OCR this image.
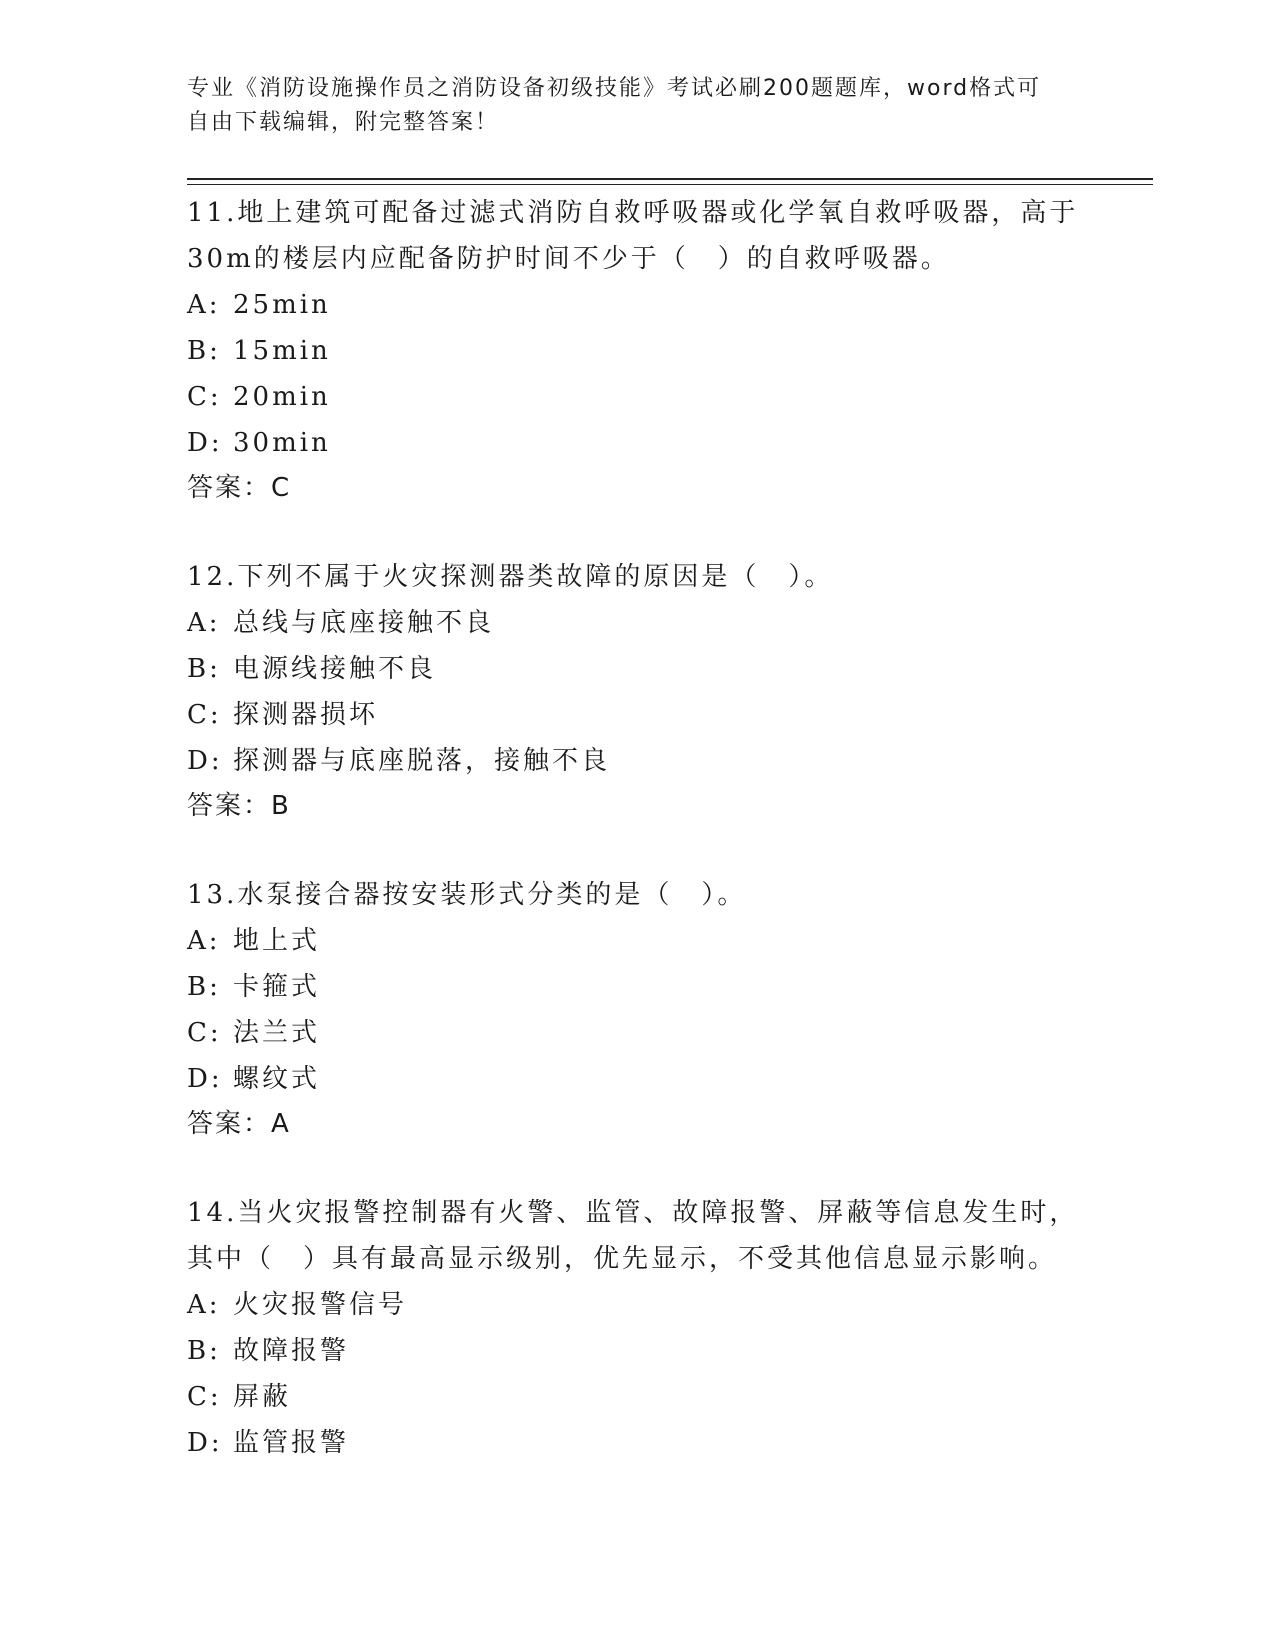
专业《消防设施操作员之消防设备初级技能》考试必刷200题题库，word格式可
自由下载编辑，附完整答案！
11.地上建筑可配备过滤式消防自救呼吸器或化学氧自救呼吸器，高于
30m的楼层内应配备防护时间不少于（　）的自救呼吸器。
A: 25min
B: 15min
C: 20min
D: 30min
答案：C
12.下列不属于火灾探测器类故障的原因是（　）。
A: 总线与底座接触不良
B: 电源线接触不良
C: 探测器损坏
D: 探测器与底座脱落，接触不良
答案：B
13.水泵接合器按安装形式分类的是（　）。
A: 地上式
B: 卡箍式
C: 法兰式
D: 螺纹式
答案：A
14.当火灾报警控制器有火警、监管、故障报警、屏蔽等信息发生时，
其中（　）具有最高显示级别，优先显示，不受其他信息显示影响。
A: 火灾报警信号
B: 故障报警
C: 屏蔽
D: 监管报警
